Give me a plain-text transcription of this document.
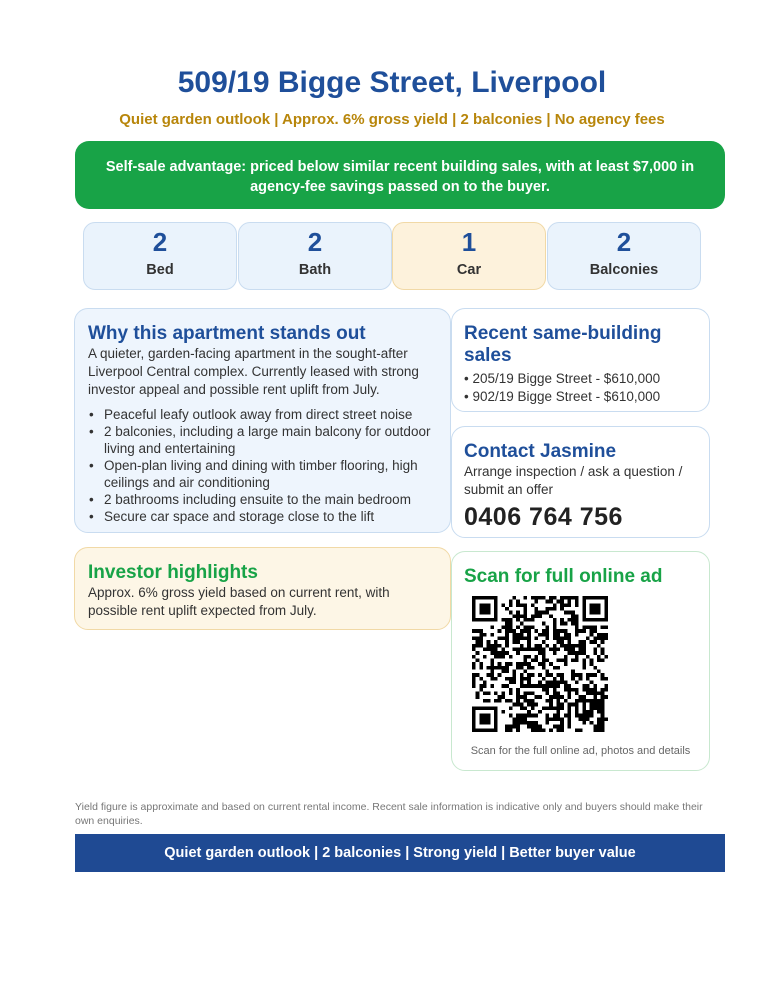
509/19 Bigge Street, Liverpool
Quiet garden outlook | Approx. 6% gross yield | 2 balconies | No agency fees
Self-sale advantage: priced below similar recent building sales, with at least $7,000 in agency-fee savings passed on to the buyer.
2
Bed
2
Bath
1
Car
2
Balconies
Why this apartment stands out

A quieter, garden-facing apartment in the sought-after Liverpool Central complex. Currently leased with strong investor appeal and possible rent uplift from July.

• Peaceful leafy outlook away from direct street noise
• 2 balconies, including a large main balcony for outdoor living and entertaining
• Open-plan living and dining with timber flooring, high ceilings and air conditioning
• 2 bathrooms including ensuite to the main bedroom
• Secure car space and storage close to the lift
Investor highlights

Approx. 6% gross yield based on current rent, with possible rent uplift expected from July.

Recent same-building sales
• 205/19 Bigge Street - $610,000
• 902/19 Bigge Street - $610,000
Contact Jasmine

Arrange inspection / ask a question / submit an offer

0406 764 756
Scan for full online ad
Scan for the full online ad, photos and details
Yield figure is approximate and based on current rental income. Recent sale information is indicative only and buyers should make their own enquiries.
Quiet garden outlook | 2 balconies | Strong yield | Better buyer value
